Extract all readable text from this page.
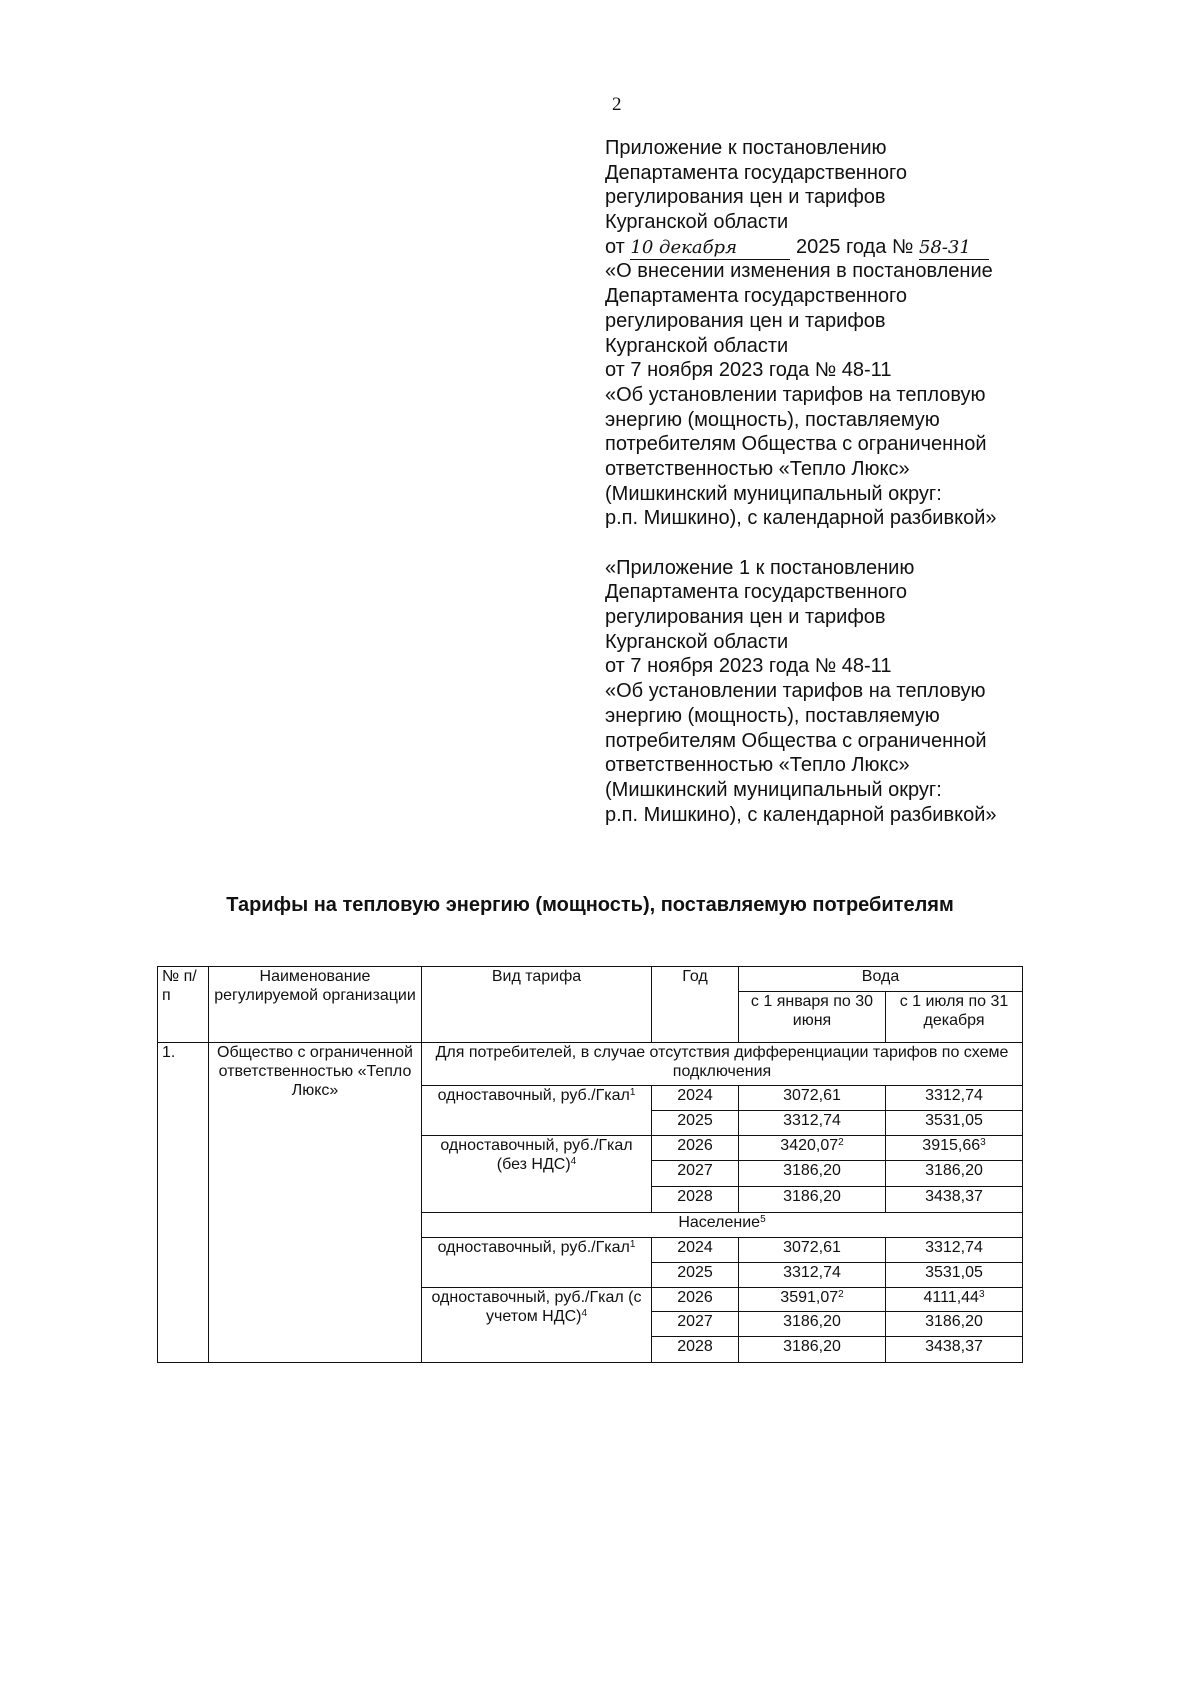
2
Приложение к постановлению
Департамента государственного
регулирования цен и тарифов
Курганской области
от 10 декабря	2025 года № 58-31
«О внесении изменения в постановление
Департамента государственного
регулирования цен и тарифов
Курганской области
от 7 ноября 2023 года № 48-11
«Об установлении тарифов на тепловую
энергию (мощность), поставляемую
потребителям Общества с ограниченной
ответственностью «Тепло Люкс»
(Мишкинский муниципальный округ:
р.п. Мишкино), с календарной разбивкой»
«Приложение 1 к постановлению
Департамента государственного
регулирования цен и тарифов
Курганской области
от 7 ноября 2023 года № 48-11
«Об установлении тарифов на тепловую
энергию (мощность), поставляемую
потребителям Общества с ограниченной
ответственностью «Тепло Люкс»
(Мишкинский муниципальный округ:
р.п. Мишкино), с календарной разбивкой»
Тарифы на тепловую энергию (мощность), поставляемую потребителям
№ п/п	Наименование регулируемой организации	Вид тарифа	Год	Вода	
				с 1 января по 30 июня	с 1 июля по 31 декабря
1.	Общество с ограниченной ответственностью «Тепло Люкс»	Для потребителей, в случае отсутствия дифференциации тарифов по схеме подключения			
		одноставочный, руб./Гкал$^1$	2024	3072,61	3312,74
			2025	3312,74	3531,05
		одноставочный, руб./Гкал (без НДС)$^4$	2026	3420,07$^2$	3915,66$^3$
			2027	3186,20	3186,20
			2028	3186,20	3438,37
		Население$^5$
		одноставочный, руб./Гкал$^1$	2024	3072,61	3312,74
			2025	3312,74	3531,05
		одноставочный, руб./Гкал (с учетом НДС)$^4$	2026	3591,07$^2$	4111,44$^3$
			2027	3186,20	3186,20
			2028	3186,20	3438,37
